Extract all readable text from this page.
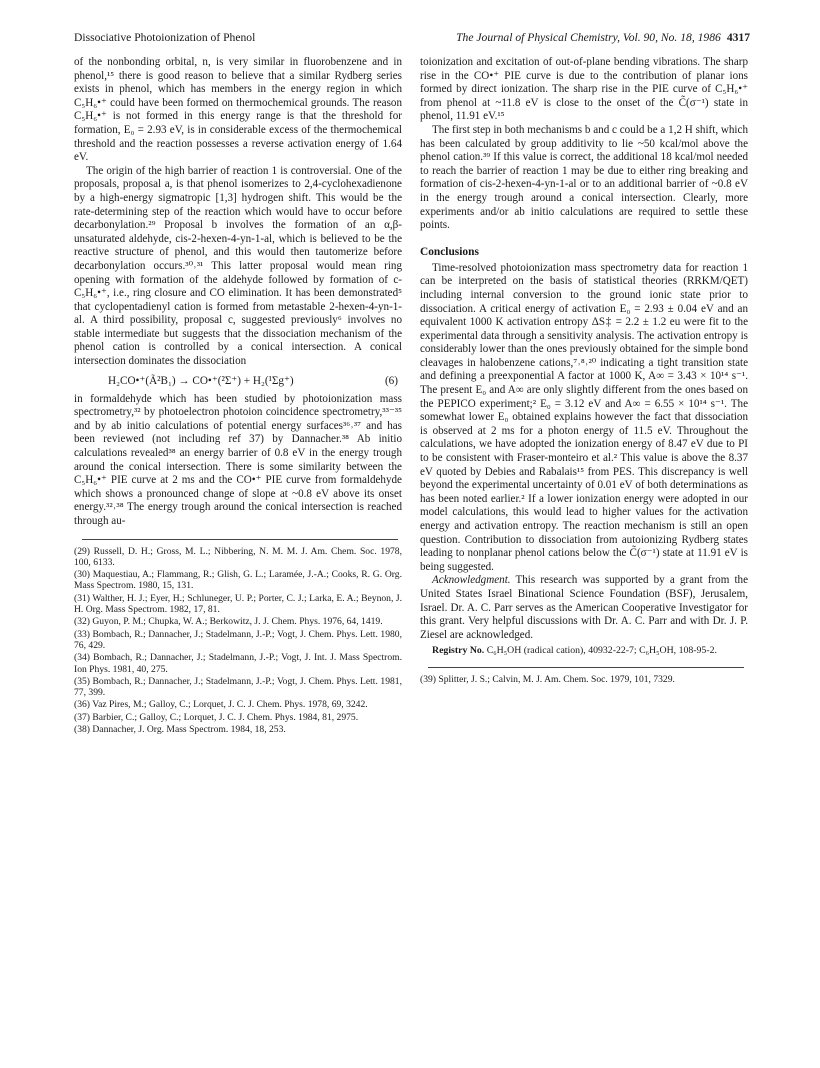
Dissociative Photoionization of Phenol	The Journal of Physical Chemistry, Vol. 90, No. 18, 1986 4317

of the nonbonding orbital, n, is very similar in fluorobenzene and in phenol,¹⁵ there is good reason to believe that a similar Rydberg series exists in phenol, which has members in the energy region in which C₅H₆•⁺ could have been formed on thermochemical grounds. The reason C₅H₆•⁺ is not formed in this energy range is that the threshold for formation, E₀ = 2.93 eV, is in considerable excess of the thermochemical threshold and the reaction possesses a reverse activation energy of 1.64 eV.

The origin of the high barrier of reaction 1 is controversial. One of the proposals, proposal a, is that phenol isomerizes to 2,4-cyclohexadienone by a high-energy sigmatropic [1,3] hydrogen shift. This would be the rate-determining step of the reaction which would have to occur before decarbonylation.²⁹ Proposal b involves the formation of an α,β-unsaturated aldehyde, cis-2-hexen-4-yn-1-al, which is believed to be the reactive structure of phenol, and this would then tautomerize before decarbonylation occurs.³⁰˒³¹ This latter proposal would mean ring opening with formation of the aldehyde followed by formation of c-C₅H₆•⁺, i.e., ring closure and CO elimination. It has been demonstrated⁵ that cyclopentadienyl cation is formed from metastable 2-hexen-4-yn-1-al. A third possibility, proposal c, suggested previously⁶ involves no stable intermediate but suggests that the dissociation mechanism of the phenol cation is controlled by a conical intersection. A conical intersection dominates the dissociation

H₂CO•⁺(Ã²B₁) → CO•⁺(²Σ⁺) + H₂(¹Σg⁺)	(6)

in formaldehyde which has been studied by photoionization mass spectrometry,³² by photoelectron photoion coincidence spectrometry,³³⁻³⁵ and by ab initio calculations of potential energy surfaces³⁶˒³⁷ and has been reviewed (not including ref 37) by Dannacher.³⁸ Ab initio calculations revealed³⁸ an energy barrier of 0.8 eV in the energy trough around the conical intersection. There is some similarity between the C₅H₆•⁺ PIE curve at 2 ms and the CO•⁺ PIE curve from formaldehyde which shows a pronounced change of slope at ~0.8 eV above its onset energy.³²˒³⁸ The energy trough around the conical intersection is reached through au-

(29) Russell, D. H.; Gross, M. L.; Nibbering, N. M. M. J. Am. Chem. Soc. 1978, 100, 6133.

(30) Maquestiau, A.; Flammang, R.; Glish, G. L.; Laramée, J.-A.; Cooks, R. G. Org. Mass Spectrom. 1980, 15, 131.

(31) Walther, H. J.; Eyer, H.; Schluneger, U. P.; Porter, C. J.; Larka, E. A.; Beynon, J. H. Org. Mass Spectrom. 1982, 17, 81.

(32) Guyon, P. M.; Chupka, W. A.; Berkowitz, J. J. Chem. Phys. 1976, 64, 1419.

(33) Bombach, R.; Dannacher, J.; Stadelmann, J.-P.; Vogt, J. Chem. Phys. Lett. 1980, 76, 429.

(34) Bombach, R.; Dannacher, J.; Stadelmann, J.-P.; Vogt, J. Int. J. Mass Spectrom. Ion Phys. 1981, 40, 275.

(35) Bombach, R.; Dannacher, J.; Stadelmann, J.-P.; Vogt, J. Chem. Phys. Lett. 1981, 77, 399.

(36) Vaz Pires, M.; Galloy, C.; Lorquet, J. C. J. Chem. Phys. 1978, 69, 3242.

(37) Barbier, C.; Galloy, C.; Lorquet, J. C. J. Chem. Phys. 1984, 81, 2975.

(38) Dannacher, J. Org. Mass Spectrom. 1984, 18, 253.

toionization and excitation of out-of-plane bending vibrations. The sharp rise in the CO•⁺ PIE curve is due to the contribution of planar ions formed by direct ionization. The sharp rise in the PIE curve of C₅H₆•⁺ from phenol at ~11.8 eV is close to the onset of the C̃(σ⁻¹) state in phenol, 11.91 eV.¹⁵

The first step in both mechanisms b and c could be a 1,2 H shift, which has been calculated by group additivity to lie ~50 kcal/mol above the phenol cation.³⁹ If this value is correct, the additional 18 kcal/mol needed to reach the barrier of reaction 1 may be due to either ring breaking and formation of cis-2-hexen-4-yn-1-al or to an additional barrier of ~0.8 eV in the energy trough around a conical intersection. Clearly, more experiments and/or ab initio calculations are required to settle these points.

Conclusions

Time-resolved photoionization mass spectrometry data for reaction 1 can be interpreted on the basis of statistical theories (RRKM/QET) including internal conversion to the ground ionic state prior to dissociation. A critical energy of activation E₀ = 2.93 ± 0.04 eV and an equivalent 1000 K activation entropy ΔS‡ = 2.2 ± 1.2 eu were fit to the experimental data through a sensitivity analysis. The activation entropy is considerably lower than the ones previously obtained for the simple bond cleavages in halobenzene cations,⁷˒⁸˒²⁰ indicating a tight transition state and defining a preexponential A factor at 1000 K, A∞ = 3.43 × 10¹⁴ s⁻¹. The present E₀ and A∞ are only slightly different from the ones based on the PEPICO experiment;² E₀ = 3.12 eV and A∞ = 6.55 × 10¹⁴ s⁻¹. The somewhat lower E₀ obtained explains however the fact that dissociation is observed at 2 ms for a photon energy of 11.5 eV. Throughout the calculations, we have adopted the ionization energy of 8.47 eV due to PI to be consistent with Fraser-monteiro et al.² This value is above the 8.37 eV quoted by Debies and Rabalais¹⁵ from PES. This discrepancy is well beyond the experimental uncertainty of 0.01 eV of both determinations as has been noted earlier.² If a lower ionization energy were adopted in our model calculations, this would lead to higher values for the activation energy and activation entropy. The reaction mechanism is still an open question. Contribution to dissociation from autoionizing Rydberg states leading to nonplanar phenol cations below the C̃(σ⁻¹) state at 11.91 eV is being suggested.

Acknowledgment. This research was supported by a grant from the United States Israel Binational Science Foundation (BSF), Jerusalem, Israel. Dr. A. C. Parr serves as the American Cooperative Investigator for this grant. Very helpful discussions with Dr. A. C. Parr and with Dr. J. P. Ziesel are acknowledged.

Registry No. C₆H₅OH (radical cation), 40932-22-7; C₆H₅OH, 108-95-2.

(39) Splitter, J. S.; Calvin, M. J. Am. Chem. Soc. 1979, 101, 7329.
